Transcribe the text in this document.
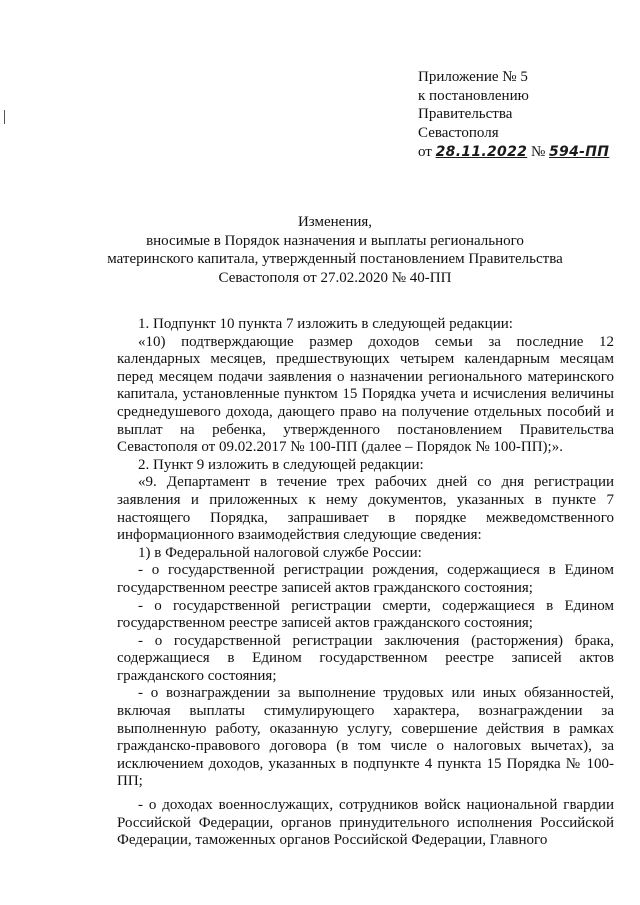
Приложение № 5
к постановлению
Правительства
Севастополя
от 28.11.2022 № 594-ПП
Изменения,
вносимые в Порядок назначения и выплаты регионального
материнского капитала, утвержденный постановлением Правительства
Севастополя от 27.02.2020 № 40-ПП

1. Подпункт 10 пункта 7 изложить в следующей редакции:

«10) подтверждающие размер доходов семьи за последние 12 календарных месяцев, предшествующих четырем календарным месяцам перед месяцем подачи заявления о назначении регионального материнского капитала, установленные пунктом 15 Порядка учета и исчисления величины среднедушевого дохода, дающего право на получение отдельных пособий и выплат на ребенка, утвержденного постановлением Правительства Севастополя от 09.02.2017 № 100-ПП (далее – Порядок № 100-ПП);».

2. Пункт 9 изложить в следующей редакции:

«9. Департамент в течение трех рабочих дней со дня регистрации заявления и приложенных к нему документов, указанных в пункте 7 настоящего Порядка, запрашивает в порядке межведомственного информационного взаимодействия следующие сведения:

1) в Федеральной налоговой службе России:

- о государственной регистрации рождения, содержащиеся в Едином государственном реестре записей актов гражданского состояния;

- о государственной регистрации смерти, содержащиеся в Едином государственном реестре записей актов гражданского состояния;

- о государственной регистрации заключения (расторжения) брака, содержащиеся в Едином государственном реестре записей актов гражданского состояния;

- о вознаграждении за выполнение трудовых или иных обязанностей, включая выплаты стимулирующего характера, вознаграждении за выполненную работу, оказанную услугу, совершение действия в рамках гражданско-правового договора (в том числе о налоговых вычетах), за исключением доходов, указанных в подпункте 4 пункта 15 Порядка № 100-ПП;

- о доходах военнослужащих, сотрудников войск национальной гвардии Российской Федерации, органов принудительного исполнения Российской Федерации, таможенных органов Российской Федерации, Главного
